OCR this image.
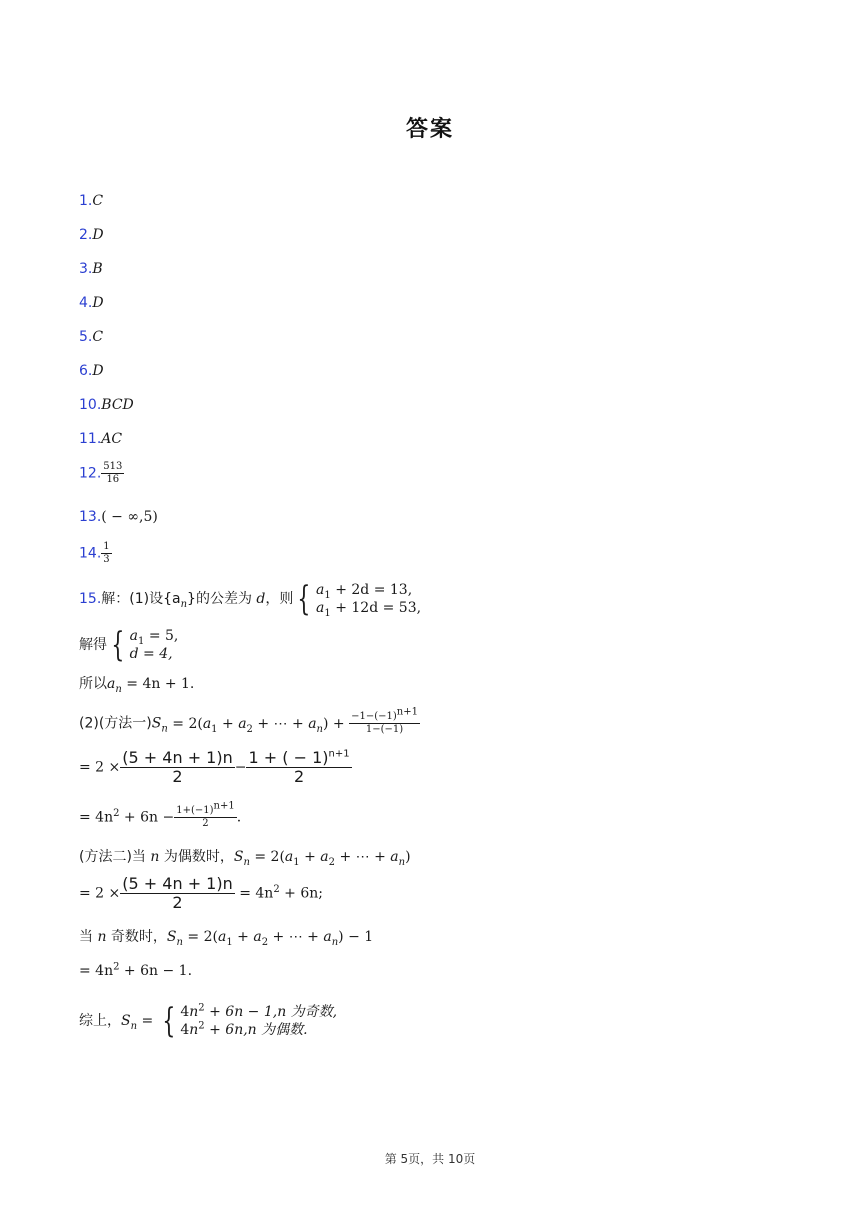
答案
1.C
2.D
3.B
4.D
5.C
6.D
10.BCD
11.AC
12. $\frac{513}{16}$
13.( − ∞,5)
14. $\frac{1}{3}$
15.解：(1)设$\{a_n\}$的公差为 d，则 { $a_1 + 2d = 13$,
$a_1 + 12d = 53$,
解得 { $a_1 = 5$,
d = 4,
所以$a_n = 4n + 1$.
(2)(方法一)$S_n = 2(a_1 + a_2$ + ⋯ + $a_n) + \frac{-1-(-1)^{n+1}}{1-(-1)}$
= $2 \times \frac{(5 + 4n + 1)n}{2} - \frac{1 + ( - 1)^{n+1}}{2}$
= $4n^2 + 6n - \frac{1+(-1)^{n+1}}{2}$ .
(方法二)当 n 为偶数时，$S_n = 2(a_1 + a_2$ + ⋯ + $a_n$)
= $2 \times \frac{(5 + 4n + 1)n}{2} = 4n^2 + 6n$;
当 n 奇数时，$S_n = 2(a_1 + a_2$ + ⋯ + $a_n) - 1$
= $4n^2 + 6n - 1$.
综上，$S_n$ = { $4n^2 + 6n - 1,n$ 为奇数,
$4n^2 + 6n,n$ 为偶数.
第 5页，共 10页
